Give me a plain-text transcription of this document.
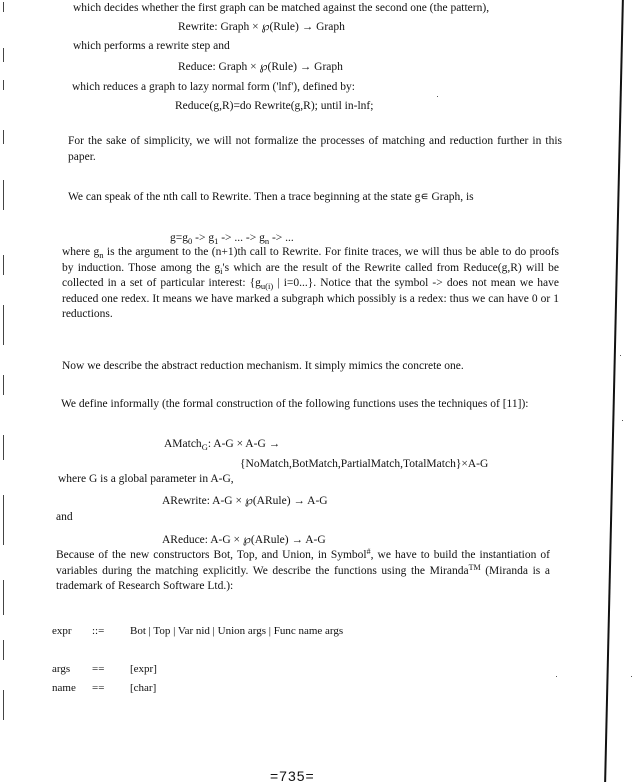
which decides whether the first graph can be matched against the second one (the pattern),
Rewrite: Graph × ℘(Rule) → Graph
which performs a rewrite step and
Reduce: Graph × ℘(Rule) → Graph
which reduces a graph to lazy normal form ('lnf'), defined by:
Reduce(g,R)=do Rewrite(g,R); until in-lnf;
For the sake of simplicity, we will not formalize the processes of matching and reduction further in this paper.
We can speak of the nth call to Rewrite. Then a trace beginning at the state g∊ Graph, is
$g=g_0 -> g_1$ -> ... -> $g_n$ -> ...
where $g_n$ is the argument to the (n+1)th call to Rewrite. For finite traces, we will thus be able to do proofs by induction. Those among the $g_i's$ which are the result of the Rewrite called from Reduce(g,R) will be collected in a set of particular interest: {$g_{u(i)}$ | i=0...}. Notice that the symbol -> does not mean we have reduced one redex. It means we have marked a subgraph which possibly is a redex: thus we can have 0 or 1 reductions.
Now we describe the abstract reduction mechanism. It simply mimics the concrete one.
We define informally (the formal construction of the following functions uses the techniques of [11]):
AMatch$_G$: A-G × A-G →
{NoMatch,BotMatch,PartialMatch,TotalMatch}×A-G
where G is a global parameter in A-G,
ARewrite: A-G × ℘(ARule) → A-G
and
AReduce: A-G × ℘(ARule) → A-G
Because of the new constructors Bot, Top, and Union, in Symbol#, we have to build the instantiation of variables during the matching explicitly. We describe the functions using the Miranda™ (Miranda is a trademark of Research Software Ltd.):
expr ::= Bot | Top | Var nid | Union args | Func name args
args == [expr]
name == [char]
=735=
